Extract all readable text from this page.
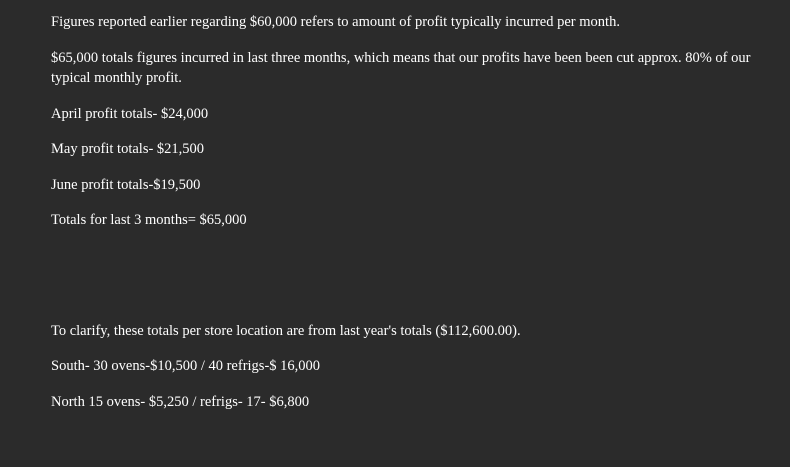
Figures reported earlier regarding $60,000 refers to amount of profit typically incurred per month.

$65,000 totals figures incurred in last three months, which means that our profits have been been cut approx. 80% of our typical monthly profit.

April profit totals- $24,000

May profit totals- $21,500

June profit totals-$19,500

Totals for last 3 months= $65,000

To clarify, these totals per store location are from last year's totals ($112,600.00).

South- 30 ovens-$10,500 / 40 refrigs-$ 16,000

North 15 ovens- $5,250 / refrigs- 17- $6,800
